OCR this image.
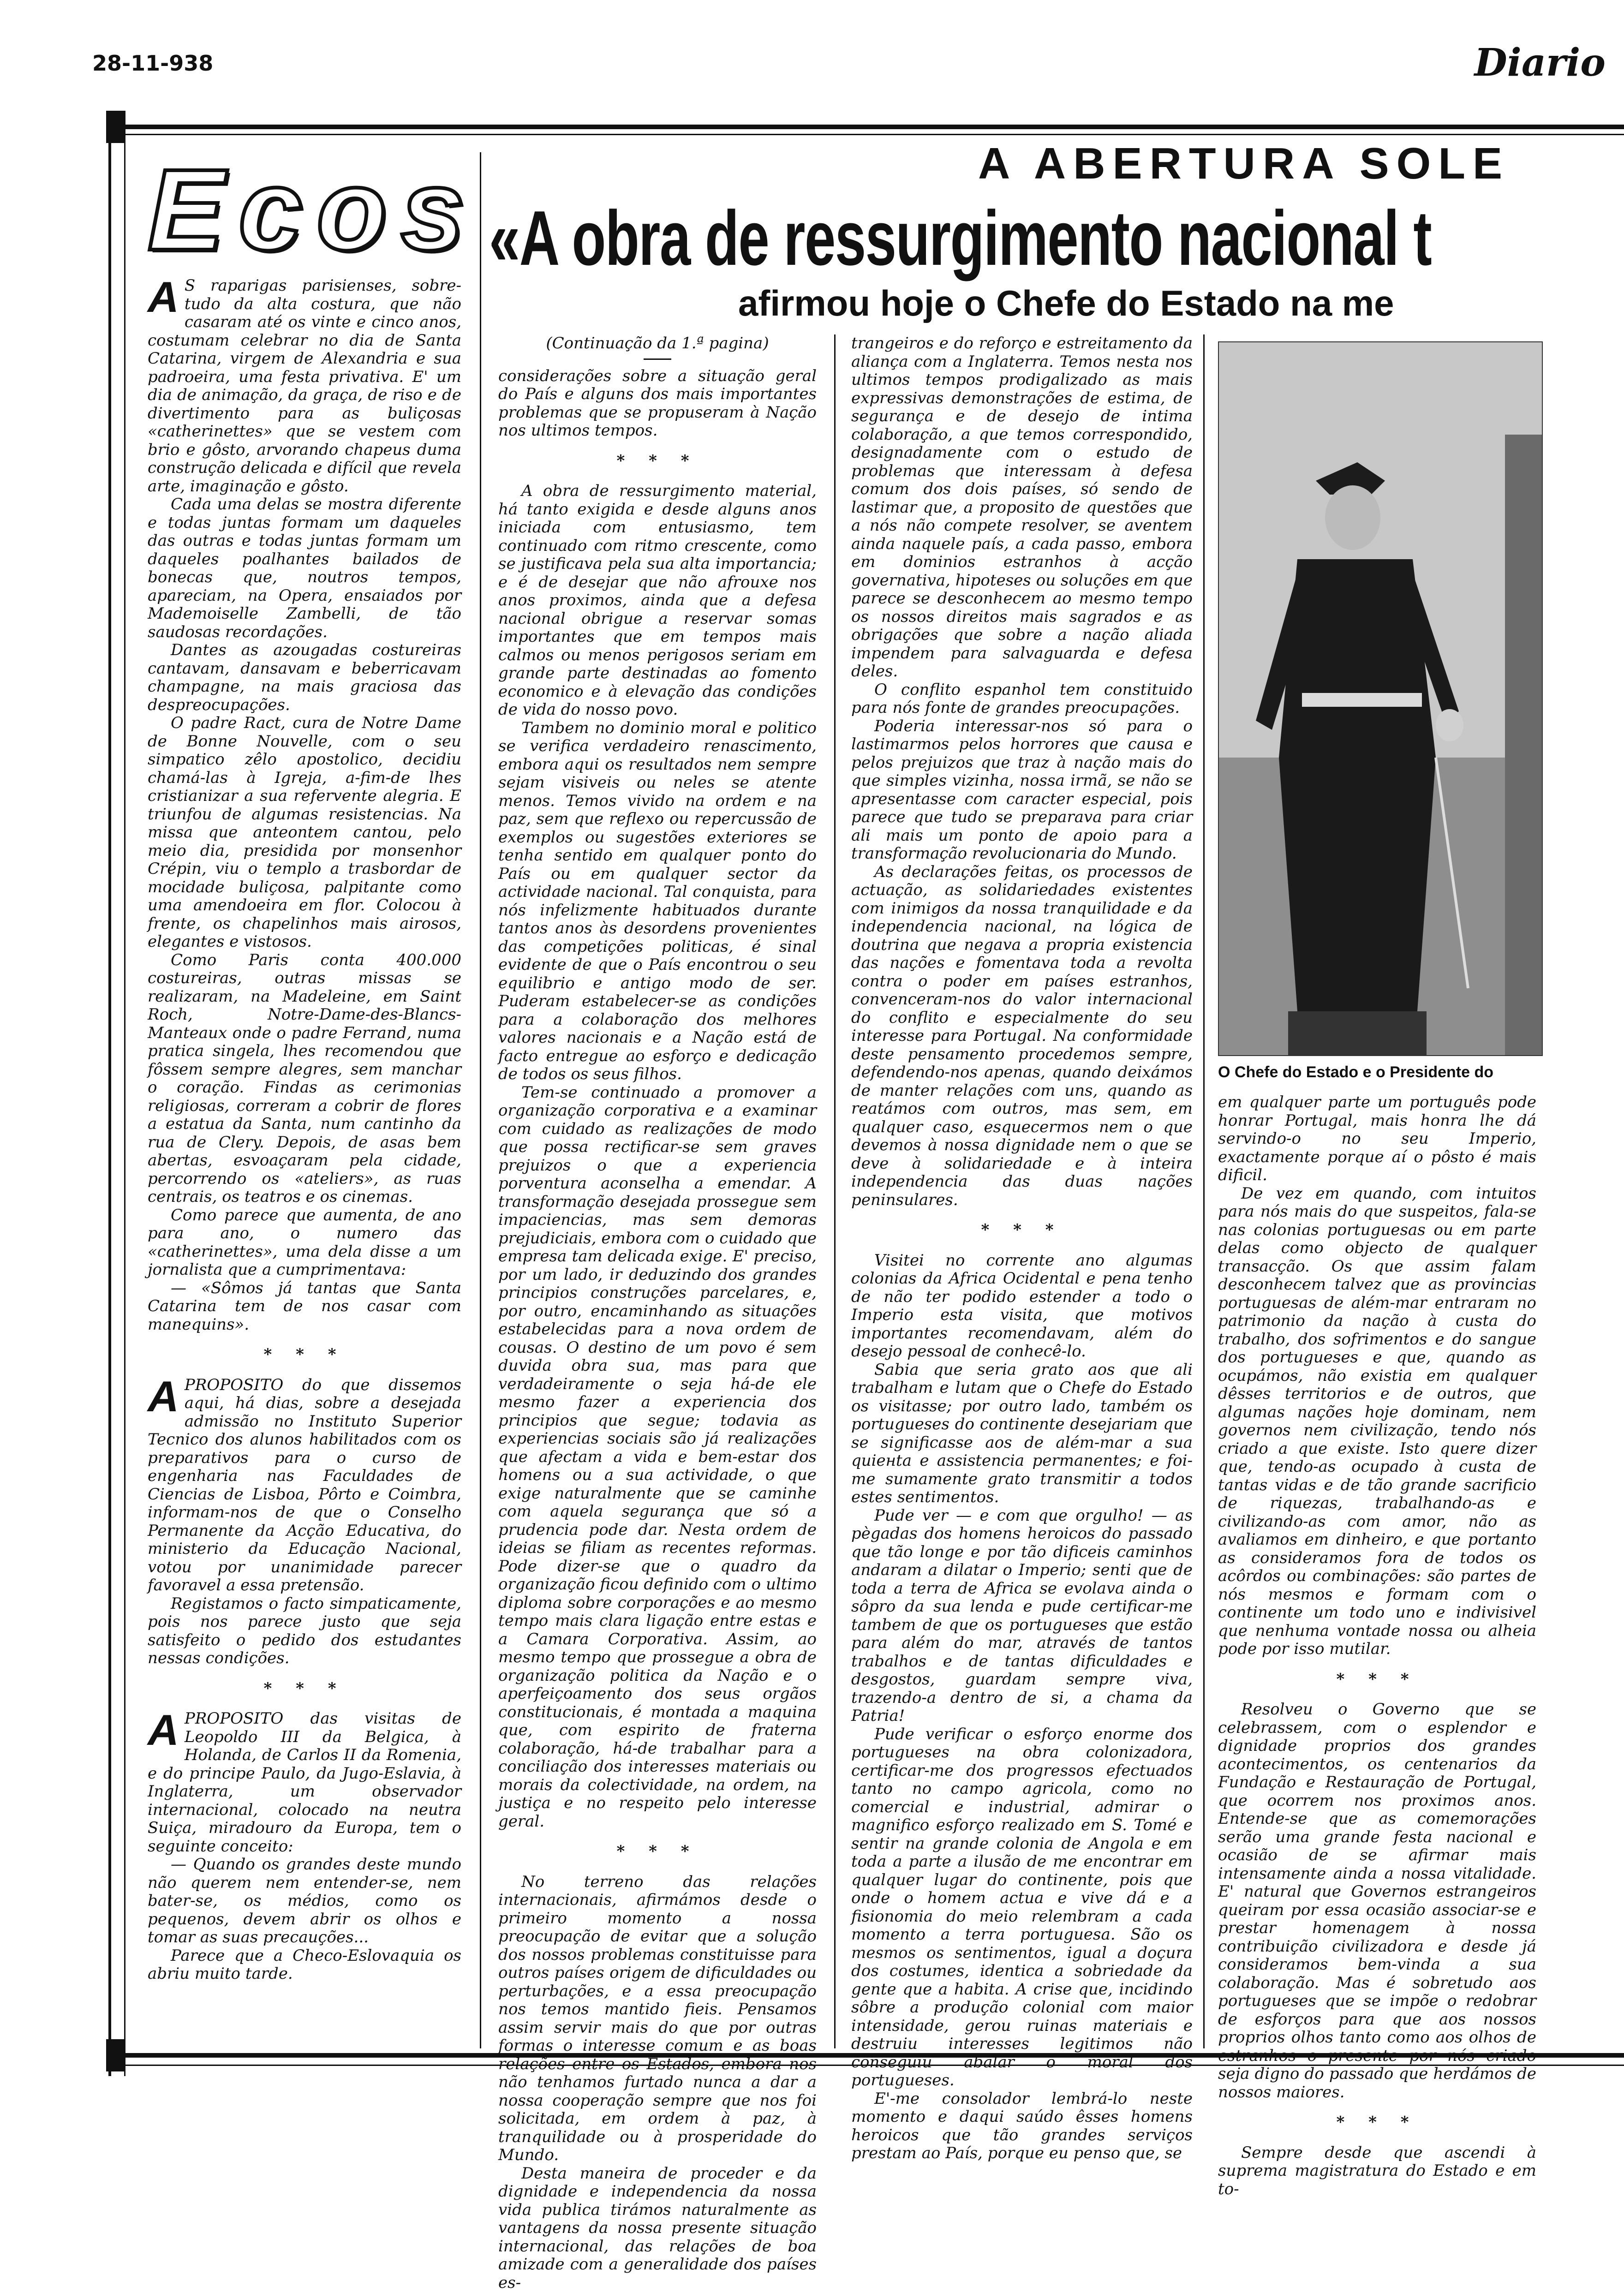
28-11-938	Diario
Ecos	A ABERTURA SOLE
«A obra de ressurgimento nacional t
afirmou hoje o Chefe do Estado na me

A S raparigas parisienses, sobre-tudo da alta costura, que não casaram até os vinte e cinco anos, costumam celebrar no dia de Santa Catarina, virgem de Alexandria e sua padroeira, uma festa privativa. E' um dia de animação, da graça, de riso e de divertimento para as buliçosas «catherinettes» que se vestem com brio e gôsto, arvorando chapeus duma construção delicada e difícil que revela arte, imaginação e gôsto.

Cada uma delas se mostra diferente e todas juntas formam um daqueles das outras e todas juntas formam um daqueles poalhantes bailados de bonecas que, noutros tempos, apareciam, na Opera, ensaiados por Mademoiselle Zambelli, de tão saudosas recordações.

Dantes as azougadas costureiras cantavam, dansavam e beberricavam champagne, na mais graciosa das despreocupações.

O padre Ract, cura de Notre Dame de Bonne Nouvelle, com o seu simpatico zêlo apostolico, decidiu chamá-las à Igreja, a-fim-de lhes cristianizar a sua referventе alegria. E triunfou de algumas resistencias. Na missa que anteontem cantou, pelo meio dia, presidida por monsenhor Crépin, viu o templo a trasbordar de mocidade buliçosa, palpitante como uma amendoeira em flor. Colocou à frente, os chapelinhos mais airosos, elegantes e vistosos.

Como Paris conta 400.000 costureiras, outras missas se realizaram, na Madeleine, em Saint Roch, Notre-Dame-des-Blancs-Manteaux onde o padre Ferrand, numa pratica singela, lhes recomendou que fôssem sempre alegres, sem manchar o coração. Findas as cerimonias religiosas, correram a cobrir de flores a estatua da Santa, num cantinho da rua de Clery. Depois, de asas bem abertas, esvoaçaram pela cidade, percorrendo os «ateliers», as ruas centrais, os teatros e os cinemas.

Como parece que aumenta, de ano para ano, o numero das «catherinettes», uma dela disse a um jornalista que a cumprimentava:

— «Sômos já tantas que Santa Catarina tem de nos casar com manequins».

* * *

APROPOSITO do que dissemos aqui, há dias, sobre a desejada admissão no Instituto Superior Tecnico dos alunos habilitados com os preparativos para o curso de engenharia nas Faculdades de Ciencias de Lisboa, Pôrto e Coimbra, informam-nos de que o Conselho Permanente da Acção Educativa, do ministerio da Educação Nacional, votou por unanimidade parecer favoravel a essa pretensão.

Registamos o facto simpaticamente, pois nos parece justo que seja satisfeito o pedido dos estudantes nessas condições.

* * *

APROPOSITO das visitas de Leopoldo III da Belgica, à Holanda, de Carlos II da Romenia, e do principe Paulo, da Jugo-Eslavia, à Inglaterra, um observador internacional, colocado na neutra Suiça, miradouro da Europa, tem o seguinte conceito:

— Quando os grandes deste mundo não querem nem entender-se, nem bater-se, os médios, como os pequenos, devem abrir os olhos e tomar as suas precauções...

Parece que a Checo-Eslovaquia os abriu muito tarde.

(Continuação da 1.ª pagina)

considerações sobre a situação geral do País e alguns dos mais importantes problemas que se propuseram à Nação nos ultimos tempos.

* * *

A obra de ressurgimento material, há tanto exigida e desde alguns anos iniciada com entusiasmo, tem continuado com ritmo crescente, como se justificava pela sua alta importancia; e é de desejar que não afrouxe nos anos proximos, ainda que a defesa nacional obrigue a reservar somas importantes que em tempos mais calmos ou menos perigosos seriam em grande parte destinadas ao fomento economico e à elevação das condições de vida do nosso povo.

Tambem no dominio moral e politico se verifica verdadeiro renascimento, embora aqui os resultados nem sempre sejam visiveis ou neles se atente menos. Temos vivido na ordem e na paz, sem que reflexo ou repercussão de exemplos ou sugestões exteriores se tenha sentido em qualquer ponto do País ou em qualquer sector da actividade nacional. Tal conquista, para nós infelizmente habituados durante tantos anos às desordens provenientes das competições politicas, é sinal evidente de que o País encontrou o seu equilibrio e antigo modo de ser. Puderam estabelecer-se as condições para a colaboração dos melhores valores nacionais e a Nação está de facto entregue ao esforço e dedicação de todos os seus filhos.

Tem-se continuado a promover a organização corporativa e a examinar com cuidado as realizações de modo que possa rectificar-se sem graves prejuizos o que a experiencia porventura aconselha a emendar. A transformação desejada prossegue sem impaciencias, mas sem demoras prejudiciais, embora com o cuidado que empresa tam delicada exige. E' preciso, por um lado, ir deduzindo dos grandes principios construções parcelares, e, por outro, encaminhando as situações estabelecidas para a nova ordem de cousas. O destino de um povo é sem duvida obra sua, mas para que verdadeiramente o seja há-de ele mesmo fazer a experiencia dos principios que segue; todavia as experiencias sociais são já realizações que afectam a vida e bem-estar dos homens ou a sua actividade, o que exige naturalmente que se caminhe com aquela segurança que só a prudencia pode dar. Nesta ordem de ideias se filiam as recentes reformas. Pode dizer-se que o quadro da organização ficou definido com o ultimo diploma sobre corporações e ao mesmo tempo mais clara ligação entre estas e a Camara Corporativa. Assim, ao mesmo tempo que prossegue a obra de organização politica da Nação e o aperfeiçoamento dos seus orgãos constitucionais, é montada a maquina que, com espirito de fraterna colaboração, há-de trabalhar para a conciliação dos interesses materiais ou morais da colectividade, na ordem, na justiça e no respeito pelo interesse geral.

* * *

No terreno das relações internacionais, afirmámos desde o primeiro momento a nossa preocupação de evitar que a solução dos nossos problemas constituisse para outros países origem de dificuldades ou perturbações, e a essa preocupação nos temos mantido fieis. Pensamos assim servir mais do que por outras formas o interesse comum e as boas relações entre os Estados, embora nos não tenhamos furtado nunca a dar a nossa cooperação sempre que nos foi solicitada, em ordem à paz, à tranquilidade ou à prosperidade do Mundo.

Desta maneira de proceder e da dignidade e independencia da nossa vida publica tirámos naturalmente as vantagens da nossa presente situação internacional, das relações de boa amizade com a generalidade dos países es-

trangeiros e do reforço e estreitamento da aliança com a Inglaterra. Temos nesta nos ultimos tempos prodigalizado as mais expressivas demonstrações de estima, de segurança e de desejo de intima colaboração, a que temos correspondido, designadamente com o estudo de problemas que interessam à defesa comum dos dois países, só sendo de lastimar que, a proposito de questões que a nós não compete resolver, se aventem ainda naquele país, a cada passo, embora em dominios estranhos à acção governativa, hipoteses ou soluções em que parece se desconhecem ao mesmo tempo os nossos direitos mais sagrados e as obrigações que sobre a nação aliada impendem para salvaguarda e defesa deles.

O conflito espanhol tem constituido para nós fonte de grandes preocupações.

Poderia interessar-nos só para o lastimarmos pelos horrores que causa e pelos prejuizos que traz à nação mais do que simples vizinha, nossa irmã, se não se apresentasse com caracter especial, pois parece que tudo se preparava para criar ali mais um ponto de apoio para a transformação revolucionaria do Mundo.

As declarações feitas, os processos de actuação, as solidariedades existentes com inimigos da nossa tranquilidade e da independencia nacional, na lógica de doutrina que negava a propria existencia das nações e fomentava toda a revolta contra o poder em países estranhos, convenceram-nos do valor internacional do conflito e especialmente do seu interesse para Portugal. Na conformidade deste pensamento procedemos sempre, defendendo-nos apenas, quando deixámos de manter relações com uns, quando as reatámos com outros, mas sem, em qualquer caso, esquecermos nem o que devemos à nossa dignidade nem o que se deve à solidariedade e à inteira independencia das duas nações peninsulares.

* * *

Visitei no corrente ano algumas colonias da Africa Ocidental e pena tenho de não ter podido estender a todo o Imperio esta visita, que motivos importantes recomendavam, além do desejo pessoal de conhecê-lo.

Sabia que seria grato aos que ali trabalham e lutam que o Chefe do Estado os visitasse; por outro lado, também os portugueses do continente desejariam que se significasse aos de além-mar a sua quieнta e assistencia permanentes; e foi-me sumamente grato transmitir a todos estes sentimentos.

Pude ver — e com que orgulho! — as pègadas dos homens heroicos do passado que tão longe e por tão dificeis caminhos andaram a dilatar o Imperio; senti que de toda a terra de Africa se evolava ainda o sôpro da sua lenda e pude certificar-me tambem de que os portugueses que estão para além do mar, através de tantos trabalhos e de tantas dificuldades e desgostos, guardam sempre viva, trazendo-a dentro de si, a chama da Patria!

Pude verificar o esforço enorme dos portugueses na obra colonizadora, certificar-me dos progressos efectuados tanto no campo agricola, como no comercial e industrial, admirar o magnifico esforço realizado em S. Tomé e sentir na grande colonia de Angola e em toda a parte a ilusão de me encontrar em qualquer lugar do continente, pois que onde o homem actua e vive dá e a fisionomia do meio relembram a cada momento a terra portuguesa. São os mesmos os sentimentos, igual a doçura dos costumes, identica a sobriedade da gente que a habita. A crise que, incidindo sôbre a produção colonial com maior intensidade, gerou ruinas materiais e destruiu interesses legitimos não conseguiu abalar o moral dos portugueses.

E'-me consolador lembrá-lo neste momento e daqui saúdo êsses homens heroicos que tão grandes serviços prestam ao País, porque eu penso que, se

O Chefe do Estado e o Presidente do

em qualquer parte um português pode honrar Portugal, mais honra lhe dá servindo-o no seu Imperio, exactamente porque aí o pôsto é mais dificil.

De vez em quando, com intuitos para nós mais do que suspeitos, fala-se nas colonias portuguesas ou em parte delas como objecto de qualquer transacção. Os que assim falam desconhecem talvez que as provincias portuguesas de além-mar entraram no patrimonio da nação à custa do trabalho, dos sofrimentos e do sangue dos portugueses e que, quando as ocupámos, não existia em qualquer dêsses territorios e de outros, que algumas nações hoje dominam, nem governos nem civilização, tendo nós criado a que existe. Isto quere dizer que, tendo-as ocupado à custa de tantas vidas e de tão grande sacrificio de riquezas, trabalhando-as e civilizando-as com amor, não as avaliamos em dinheiro, e que portanto as consideramos fora de todos os acôrdos ou combinações: são partes de nós mesmos e formam com o continente um todo uno e indivisivel que nenhuma vontade nossa ou alheia pode por isso mutilar.

* * *

Resolveu o Governo que se celebrassem, com o esplendor e dignidade proprios dos grandes acontecimentos, os centenarios da Fundação e Restauração de Portugal, que ocorrem nos proximos anos. Entende-se que as comemorações serão uma grande festa nacional e ocasião de se afirmar mais intensamente ainda a nossa vitalidade. E' natural que Governos estrangeiros queiram por essa ocasião associar-se e prestar homenagem à nossa contribuição civilizadora e desde já consideramos bem-vinda a sua colaboração. Mas é sobretudo aos portugueses que se impõe o redobrar de esforços para que aos nossos proprios olhos tanto como aos olhos de estranhos o presente por nós criado seja digno do passado que herdámos de nossos maiores.

* * *

Sempre desde que ascendi à suprema magistratura do Estado e em to-
